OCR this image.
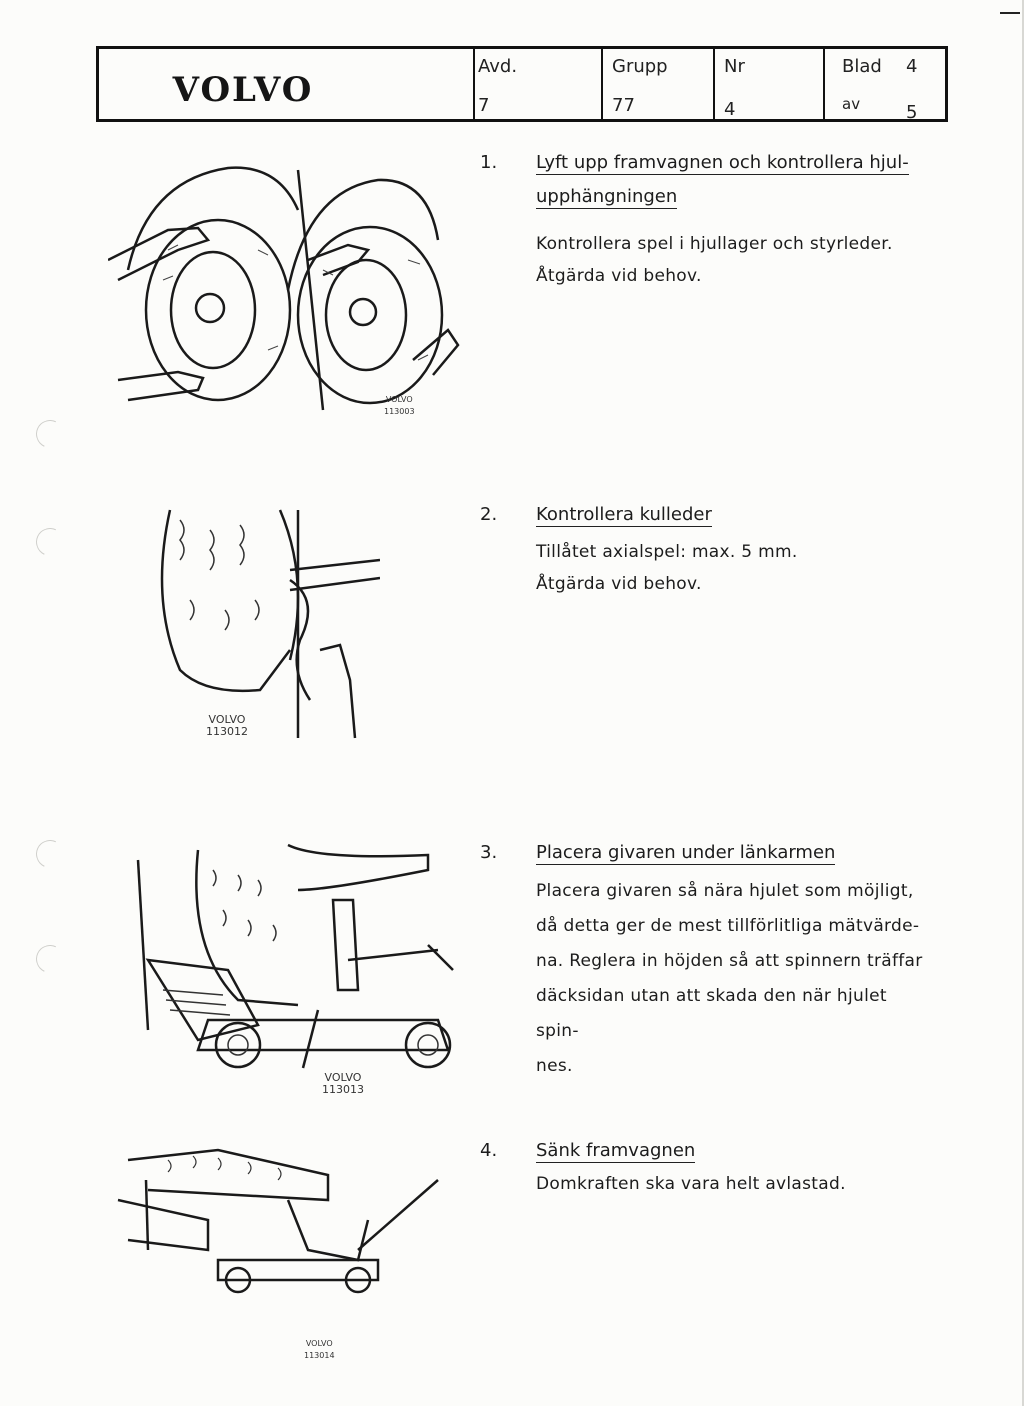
VOLVO
Avd.
7
Grupp
77
Nr
4
Blad 4
av	5
1. Lyft upp framvagnen och kontrollera hjul-
upphängningen
Kontrollera spel i hjullager och styrleder.
Åtgärda vid behov.
VOLVO
113003
2. Kontrollera kulleder
Tillåtet axialspel: max. 5 mm.
Åtgärda vid behov.
VOLVO
113012
3. Placera givaren under länkarmen
Placera givaren så nära hjulet som möjligt,
då detta ger de mest tillförlitliga mätvärde-
na. Reglera in höjden så att spinnern träffar
däcksidan utan att skada den när hjulet spin-
nes.
VOLVO
113013
4. Sänk framvagnen
Domkraften ska vara helt avlastad.
VOLVO
113014
